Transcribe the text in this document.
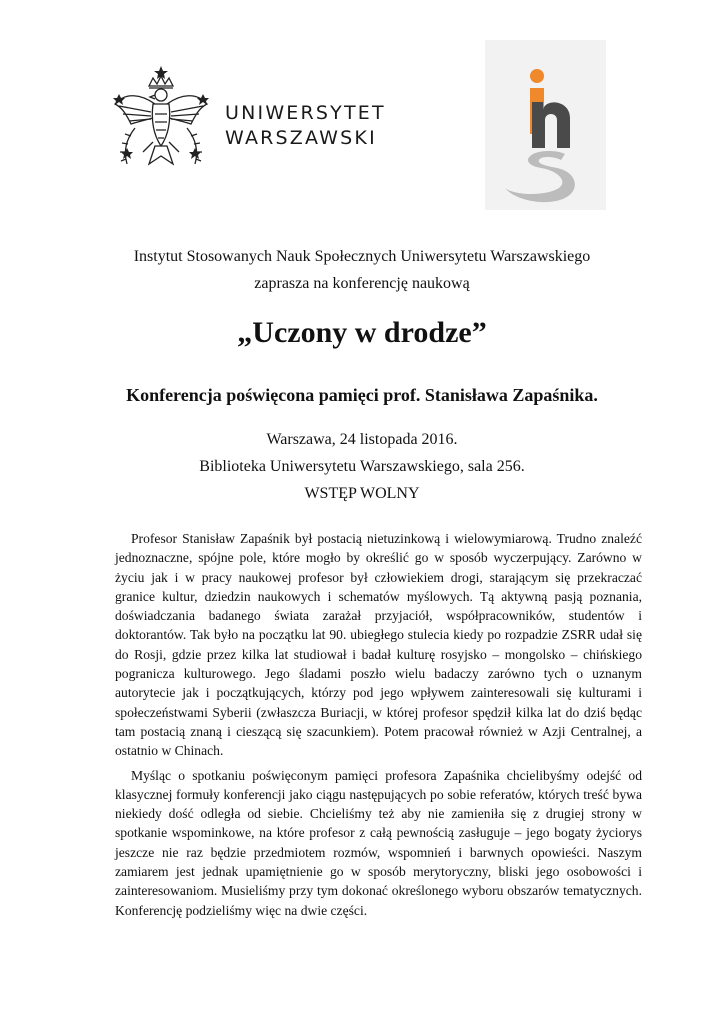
UNIWERSYTET
WARSZAWSKI
Instytut Stosowanych Nauk Społecznych Uniwersytetu Warszawskiego
zaprasza na konferencję naukową
„Uczony w drodze”
Konferencja poświęcona pamięci prof. Stanisława Zapaśnika.
Warszawa, 24 listopada 2016.
Biblioteka Uniwersytetu Warszawskiego, sala 256.
WSTĘP WOLNY

Profesor Stanisław Zapaśnik był postacią nietuzinkową i wielowymiarową. Trudno znaleźć jednoznaczne, spójne pole, które mogło by określić go w sposób wyczerpujący. Zarówno w życiu jak i w pracy naukowej profesor był człowiekiem drogi, starającym się przekraczać granice kultur, dziedzin naukowych i schematów myślowych. Tą aktywną pasją poznania, doświadczania badanego świata zarażał przyjaciół, współpracowników, studentów i doktorantów. Tak było na początku lat 90. ubiegłego stulecia kiedy po rozpadzie ZSRR udał się do Rosji, gdzie przez kilka lat studiował i badał kulturę rosyjsko – mongolsko – chińskiego pogranicza kulturowego. Jego śladami poszło wielu badaczy zarówno tych o uznanym autorytecie jak i początkujących, którzy pod jego wpływem zainteresowali się kulturami i społeczeństwami Syberii (zwłaszcza Buriacji, w której profesor spędził kilka lat do dziś będąc tam postacią znaną i cieszącą się szacunkiem). Potem pracował również w Azji Centralnej, a ostatnio w Chinach.

Myśląc o spotkaniu poświęconym pamięci profesora Zapaśnika chcielibyśmy odejść od klasycznej formuły konferencji jako ciągu następujących po sobie referatów, których treść bywa niekiedy dość odległa od siebie. Chcieliśmy też aby nie zamieniła się z drugiej strony w spotkanie wspominkowe, na które profesor z całą pewnością zasługuje – jego bogaty życiorys jeszcze nie raz będzie przedmiotem rozmów, wspomnień i barwnych opowieści. Naszym zamiarem jest jednak upamiętnienie go w sposób merytoryczny, bliski jego osobowości i zainteresowaniom. Musieliśmy przy tym dokonać określonego wyboru obszarów tematycznych. Konferencję podzieliśmy więc na dwie części.
